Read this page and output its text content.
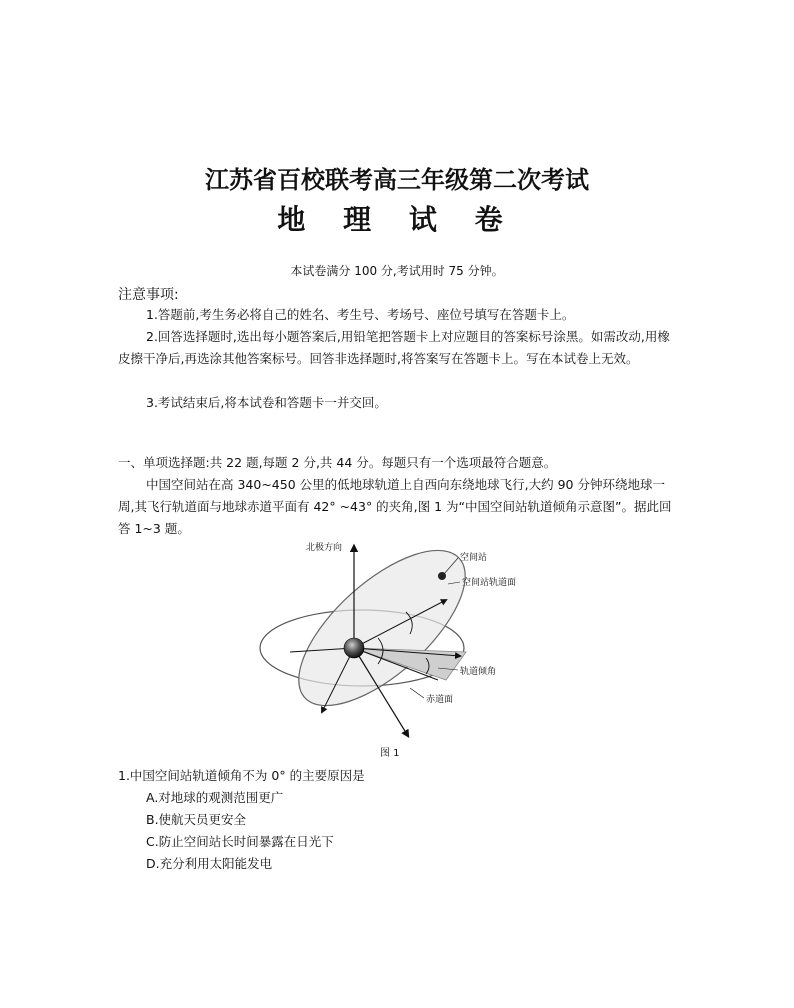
江苏省百校联考高三年级第二次考试
地 理 试 卷
本试卷满分 100 分,考试用时 75 分钟。
注意事项:

1.答题前,考生务必将自己的姓名、考生号、考场号、座位号填写在答题卡上。

2.回答选择题时,选出每小题答案后,用铅笔把答题卡上对应题目的答案标号涂黑。如需改动,用橡皮擦干净后,再选涂其他答案标号。回答非选择题时,将答案写在答题卡上。写在本试卷上无效。

3.考试结束后,将本试卷和答题卡一并交回。

一、单项选择题:共 22 题,每题 2 分,共 44 分。每题只有一个选项最符合题意。

中国空间站在高 340~450 公里的低地球轨道上自西向东绕地球飞行,大约 90 分钟环绕地球一周,其飞行轨道面与地球赤道平面有 42° ~43° 的夹角,图 1 为“中国空间站轨道倾角示意图”。据此回答 1~3 题。

北极方向
空间站
空间站轨道面
轨道倾角
赤道面
图 1
1.中国空间站轨道倾角不为 0° 的主要原因是
A.对地球的观测范围更广
B.使航天员更安全
C.防止空间站长时间暴露在日光下
D.充分利用太阳能发电
